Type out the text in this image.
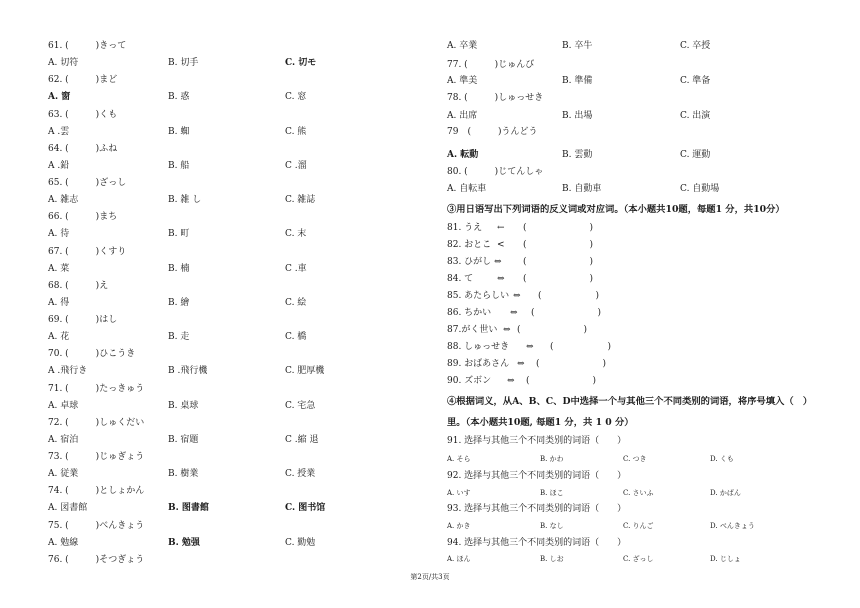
61. (　　　)きって
A. 切符	B. 切手	C. 切モ
62. (　　　)まど
A. 窗	B. 惑	C. 窓
63. (　　　)くも
A .雲	B. 蜘	C. 熊
64. (　　　)ふね
A .鉛	B. 船	C .溜
65. (　　　)ざっし
A. 雑志	B. 雑 し	C. 雑誌
66. (　　　)まち
A. 待	B. 町	C. 末
67. (　　　)くすり
A. 菜	B. 楠	C .車
68. (　　　)え
A. 得	B. 繪	C. 絵
69. (　　　)はし
A. 花	B. 走	C. 橋
70. (　　　)ひこうき
A .飛行き	B .飛行機	C. 肥厚機
71. (　　　)たっきゅう
A. 卓球	B. 桌球	C. 宅急
72. (　　　)しゅくだい
A. 宿泊	B. 宿題	C .縮 退
73. (　　　)じゅぎょう
A. 従業	B. 樹業	C. 授業
74. (　　　)としょかん
A. 図書館	B. 图書館	C. 图书馆
75. (　　　)べんきょう
A. 勉線	B. 勉强	C. 勤勉
76. (　　　)そつぎょう
A. 卒業	B. 卒牛	C. 卒授
77. (　　　)じゅんび
A. 準美	B. 準備	C. 準备
78. (　　　)しゅっせき
A. 出席	B. 出場	C. 出演
79　(　　　)うんどう
A. 転動	B. 雲動	C. 運動
80. (　　　)じてんしゃ
A. 自転車	B. 自動車	C. 自動場
③用日语写出下列词语的反义词或对应词。（本小题共10题，每题1 分，共10分）
81. うえ ← (　　　　　　　)
82. おとこ < (　　　　　　　)
83. ひがし ⇔ (　　　　　　　)
84. て	⇔ (　　　　　　　)
85. あたらしい ⇔ (　　　　　　)
86. ちかい ⇔ (　　　　　　　)
87.がく世い ⇔ (　　　　　　　)
88. しゅっせき ⇔ (　　　　　　)
89. おばあさん ⇔ (　　　　　　　)
90. ズボン ⇔ (　　　　　　　)
④根据词义，从A、B、C、D中选择一个与其他三个不同类别的词语，将序号填入（　）
里。（本小题共10题, 每题1 分，共 1 0 分）
91. 选择与其他三个不同类别的词语（　　）
A. そら	B. かわ	C. つき	D. くも
92. 选择与其他三个不同类别的词语（　　）
A. いす	B. ほこ	C. さいふ	D. かばん
93. 选择与其他三个不同类别的词语（　　）
A. かき	B. なし	C. りんご	D. べんきょう
94. 选择与其他三个不同类别的词语（　　）
A. ほん	B. しお	C. ざっし	D. じしょ
第2页/共3页
